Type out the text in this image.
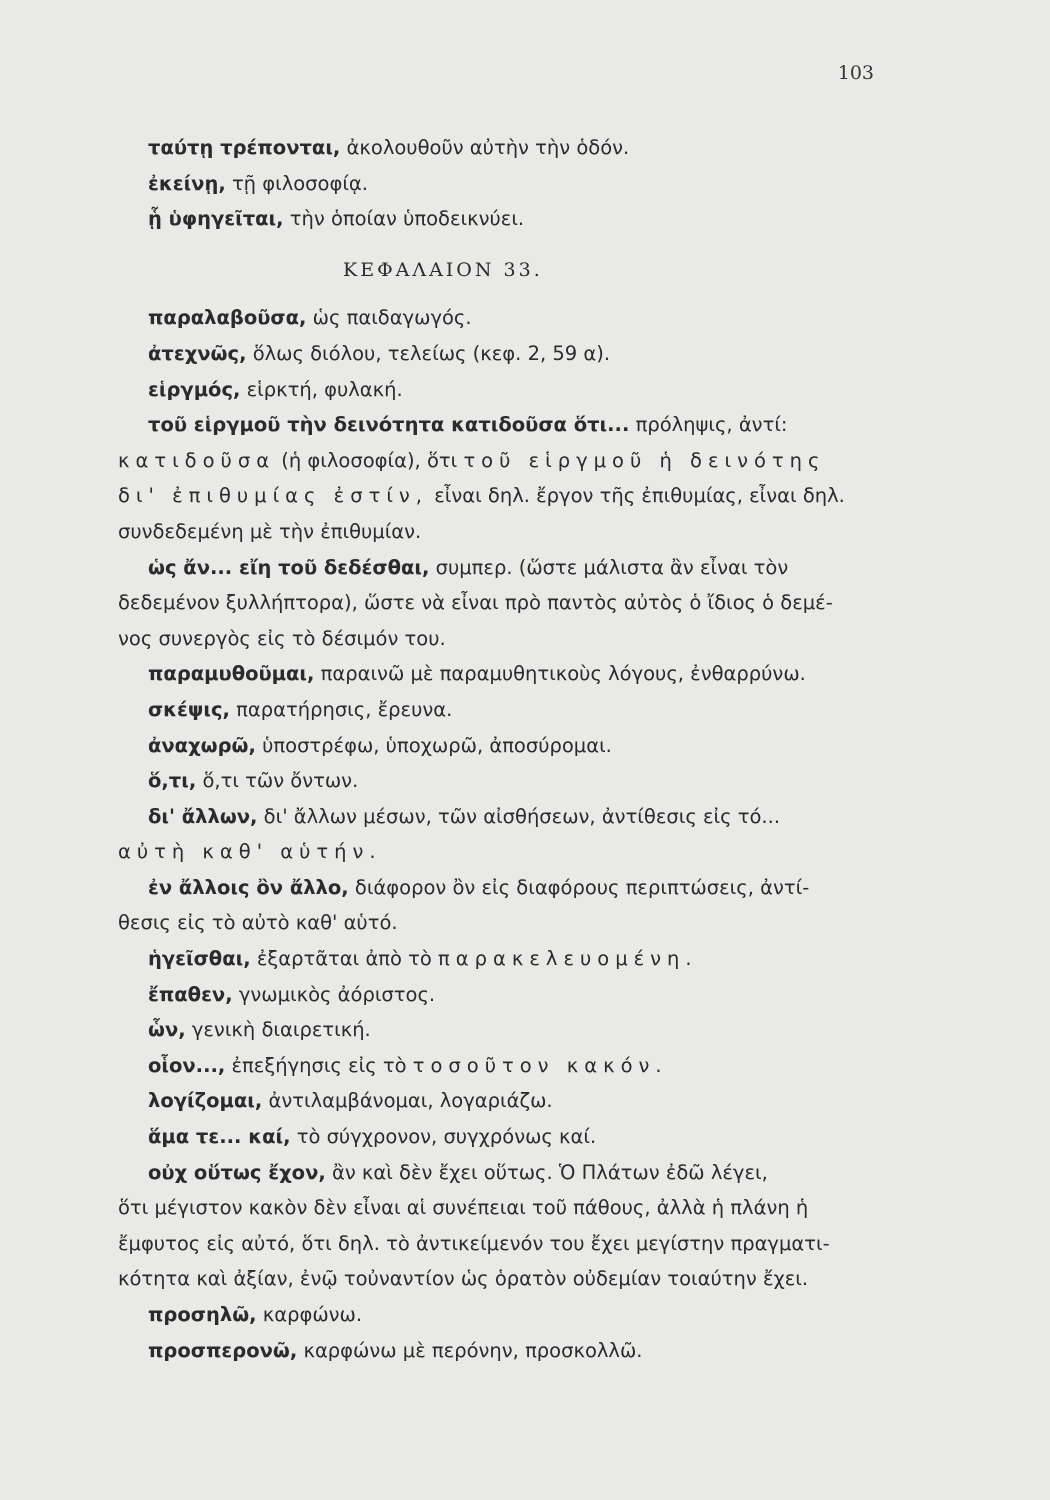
103
ταύτῃ τρέπονται, ἀκολουθοῦν αὐτὴν τὴν ὁδόν.
ἐκείνῃ, τῇ φιλοσοφίᾳ.
ᾗ ὑφηγεῖται, τὴν ὁποίαν ὑποδεικνύει.
ΚΕΦΑΛΑΙΟΝ 33.
παραλαβοῦσα, ὡς παιδαγωγός.
ἀτεχνῶς, ὅλως διόλου, τελείως (κεφ. 2, 59 α).
εἱργμός, εἱρκτή, φυλακή.
τοῦ εἱργμοῦ τὴν δεινότητα κατιδοῦσα ὅτι... πρόληψις, ἀντί:
κατιδοῦσα (ἡ φιλοσοφία), ὅτι τοῦ εἱργμοῦ ἡ δεινότης
δι' ἐπιθυμίας ἐστίν, εἶναι δηλ. ἔργον τῆς ἐπιθυμίας, εἶναι δηλ.
συνδεδεμένη μὲ τὴν ἐπιθυμίαν.
ὡς ἄν... εἴη τοῦ δεδέσθαι, συμπερ. (ὥστε μάλιστα ἂν εἶναι τὸν
δεδεμένον ξυλλήπτορα), ὥστε νὰ εἶναι πρὸ παντὸς αὐτὸς ὁ ἴδιος ὁ δεμέ-
νος συνεργὸς εἰς τὸ δέσιμόν του.
παραμυθοῦμαι, παραινῶ μὲ παραμυθητικοὺς λόγους, ἐνθαρρύνω.
σκέψις, παρατήρησις, ἔρευνα.
ἀναχωρῶ, ὑποστρέφω, ὑποχωρῶ, ἀποσύρομαι.
ὅ,τι, ὅ,τι τῶν ὄντων.
δι' ἄλλων, δι' ἄλλων μέσων, τῶν αἰσθήσεων, ἀντίθεσις εἰς τό...
αὐτὴ καθ' αὑτήν.
ἐν ἄλλοις ὂν ἄλλο, διάφορον ὂν εἰς διαφόρους περιπτώσεις, ἀντί-
θεσις εἰς τὸ αὐτὸ καθ' αὑτό.
ἡγεῖσθαι, ἐξαρτᾶται ἀπὸ τὸ παρακελευομένη.
ἔπαθεν, γνωμικὸς ἀόριστος.
ὧν, γενικὴ διαιρετική.
οἷον..., ἐπεξήγησις εἰς τὸ τοσοῦτον κακόν.
λογίζομαι, ἀντιλαμβάνομαι, λογαριάζω.
ἅμα τε... καί, τὸ σύγχρονον, συγχρόνως καί.
οὐχ οὕτως ἔχον, ἂν καὶ δὲν ἔχει οὕτως. Ὁ Πλάτων ἐδῶ λέγει,
ὅτι μέγιστον κακὸν δὲν εἶναι αἱ συνέπειαι τοῦ πάθους, ἀλλὰ ἡ πλάνη ἡ
ἔμφυτος εἰς αὐτό, ὅτι δηλ. τὸ ἀντικείμενόν του ἔχει μεγίστην πραγματι-
κότητα καὶ ἀξίαν, ἐνῷ τοὐναντίον ὡς ὁρατὸν οὐδεμίαν τοιαύτην ἔχει.
προσηλῶ, καρφώνω.
προσπερονῶ, καρφώνω μὲ περόνην, προσκολλῶ.
